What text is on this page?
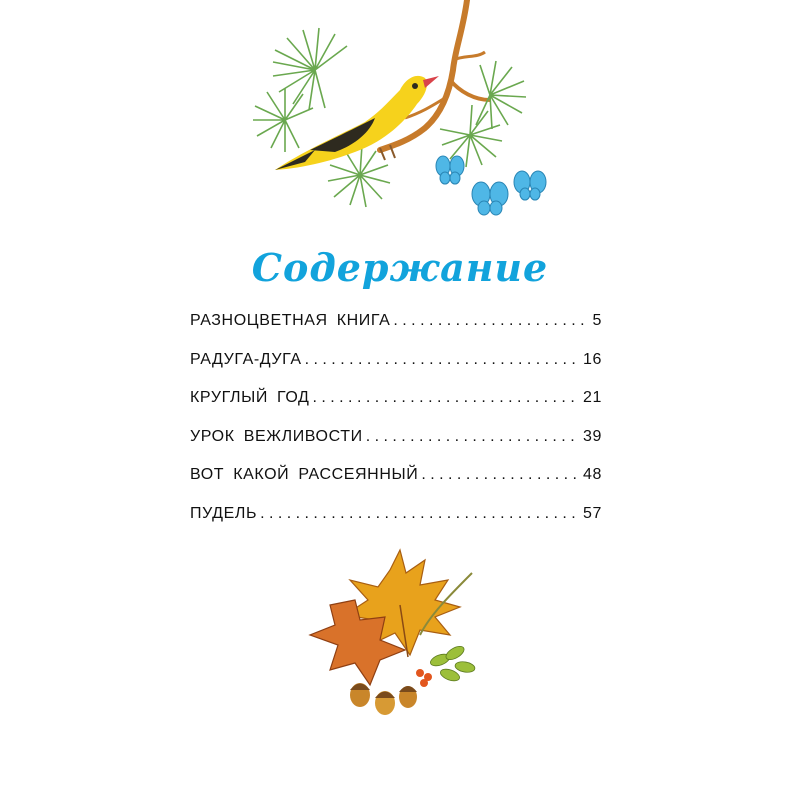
Содержание
РАЗНОЦВЕТНАЯ КНИГА . . .	5
РАДУГА-ДУГА . . .	16
КРУГЛЫЙ ГОД . . .	21
УРОК ВЕЖЛИВОСТИ . . .	39
ВОТ КАКОЙ РАССЕЯННЫЙ . . .	48
ПУДЕЛЬ . . .	57
